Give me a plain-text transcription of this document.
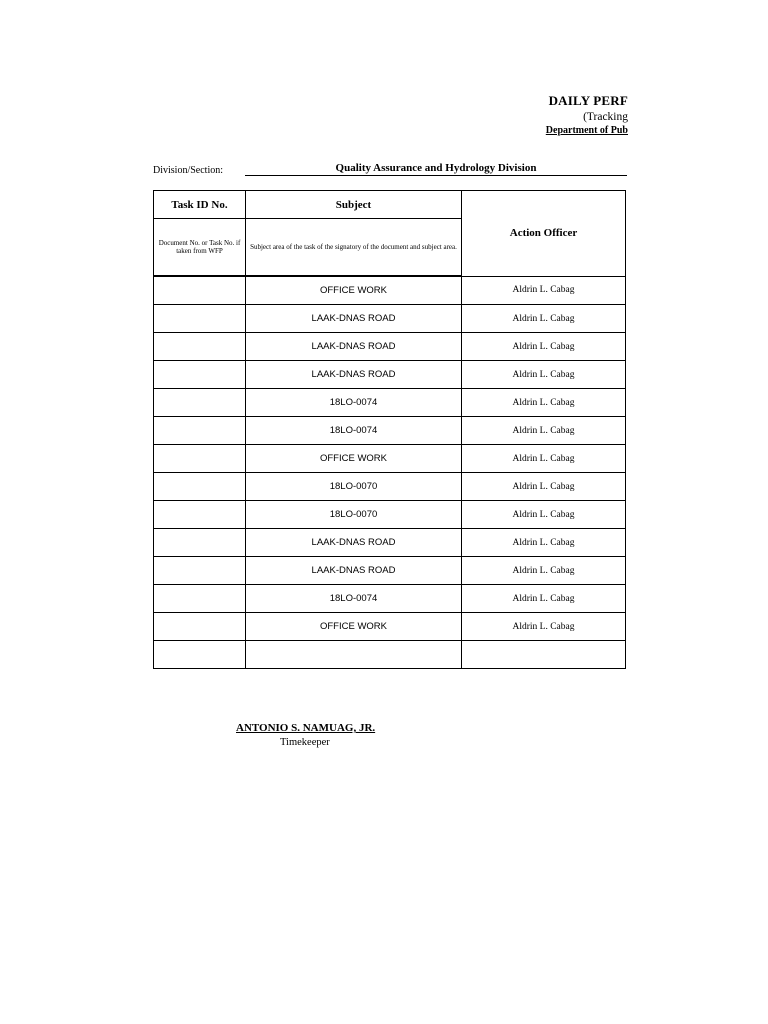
DAILY PERF
(Tracking
Department of Pub
Division/Section:	Quality Assurance and Hydrology Division
Task ID No.	Subject	Action Officer
Document No. or Task No. if taken from WFP	Subject area of the task of the signatory of the document and subject area.	
	OFFICE WORK	Aldrin L. Cabag
	LAAK-DNAS ROAD	Aldrin L. Cabag
	LAAK-DNAS ROAD	Aldrin L. Cabag
	LAAK-DNAS ROAD	Aldrin L. Cabag
	18LO-0074	Aldrin L. Cabag
	18LO-0074	Aldrin L. Cabag
	OFFICE WORK	Aldrin L. Cabag
	18LO-0070	Aldrin L. Cabag
	18LO-0070	Aldrin L. Cabag
	LAAK-DNAS ROAD	Aldrin L. Cabag
	LAAK-DNAS ROAD	Aldrin L. Cabag
	18LO-0074	Aldrin L. Cabag
	OFFICE WORK	Aldrin L. Cabag

ANTONIO S. NAMUAG, JR.
Timekeeper
